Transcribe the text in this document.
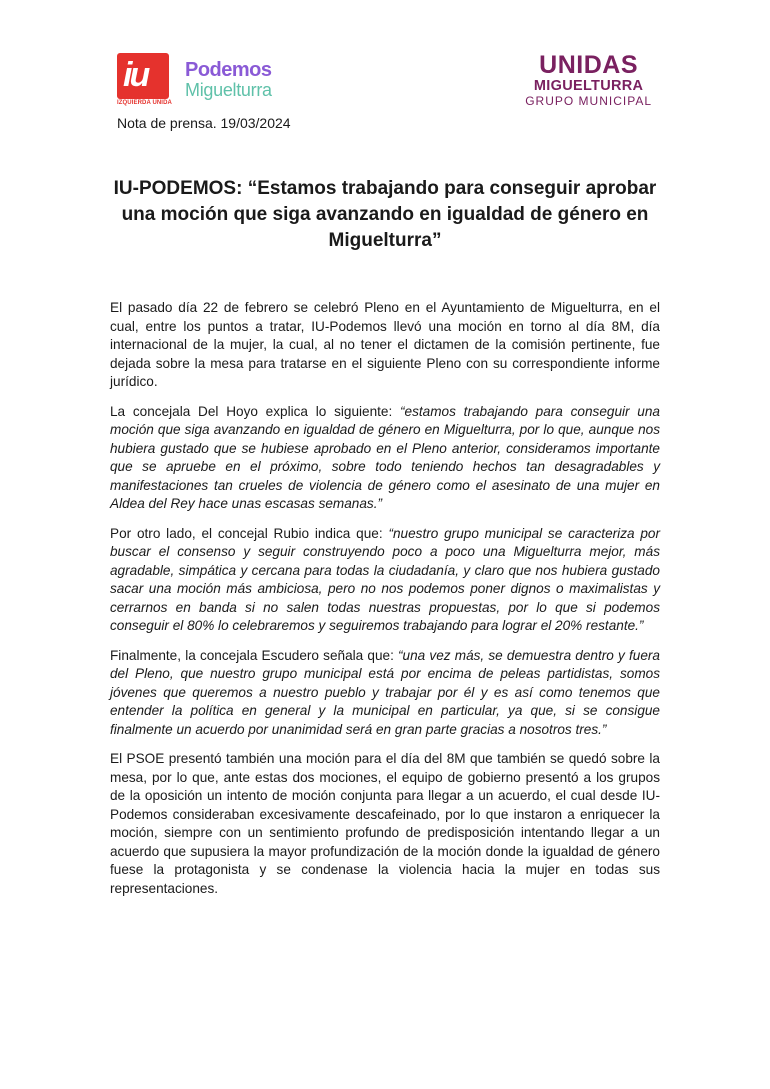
iu
IZQUIERDA UNIDA
Podemos
Miguelturra
UNIDAS
MIGUELTURRA
GRUPO MUNICIPAL
Nota de prensa. 19/03/2024
IU-PODEMOS: “Estamos trabajando para conseguir aprobar una moción que siga avanzando en igualdad de género en Miguelturra”

El pasado día 22 de febrero se celebró Pleno en el Ayuntamiento de Miguelturra, en el cual, entre los puntos a tratar, IU-Podemos llevó una moción en torno al día 8M, día internacional de la mujer, la cual, al no tener el dictamen de la comisión pertinente, fue dejada sobre la mesa para tratarse en el siguiente Pleno con su correspondiente informe jurídico.

La concejala Del Hoyo explica lo siguiente: “estamos trabajando para conseguir una moción que siga avanzando en igualdad de género en Miguelturra, por lo que, aunque nos hubiera gustado que se hubiese aprobado en el Pleno anterior, consideramos importante que se apruebe en el próximo, sobre todo teniendo hechos tan desagradables y manifestaciones tan crueles de violencia de género como el asesinato de una mujer en Aldea del Rey hace unas escasas semanas.”

Por otro lado, el concejal Rubio indica que: “nuestro grupo municipal se caracteriza por buscar el consenso y seguir construyendo poco a poco una Miguelturra mejor, más agradable, simpática y cercana para todas la ciudadanía, y claro que nos hubiera gustado sacar una moción más ambiciosa, pero no nos podemos poner dignos o maximalistas y cerrarnos en banda si no salen todas nuestras propuestas, por lo que si podemos conseguir el 80% lo celebraremos y seguiremos trabajando para lograr el 20% restante.”

Finalmente, la concejala Escudero señala que: “una vez más, se demuestra dentro y fuera del Pleno, que nuestro grupo municipal está por encima de peleas partidistas, somos jóvenes que queremos a nuestro pueblo y trabajar por él y es así como tenemos que entender la política en general y la municipal en particular, ya que, si se consigue finalmente un acuerdo por unanimidad será en gran parte gracias a nosotros tres.”

El PSOE presentó también una moción para el día del 8M que también se quedó sobre la mesa, por lo que, ante estas dos mociones, el equipo de gobierno presentó a los grupos de la oposición un intento de moción conjunta para llegar a un acuerdo, el cual desde IU-Podemos consideraban excesivamente descafeinado, por lo que instaron a enriquecer la moción, siempre con un sentimiento profundo de predisposición intentando llegar a un acuerdo que supusiera la mayor profundización de la moción donde la igualdad de género fuese la protagonista y se condenase la violencia hacia la mujer en todas sus representaciones.
